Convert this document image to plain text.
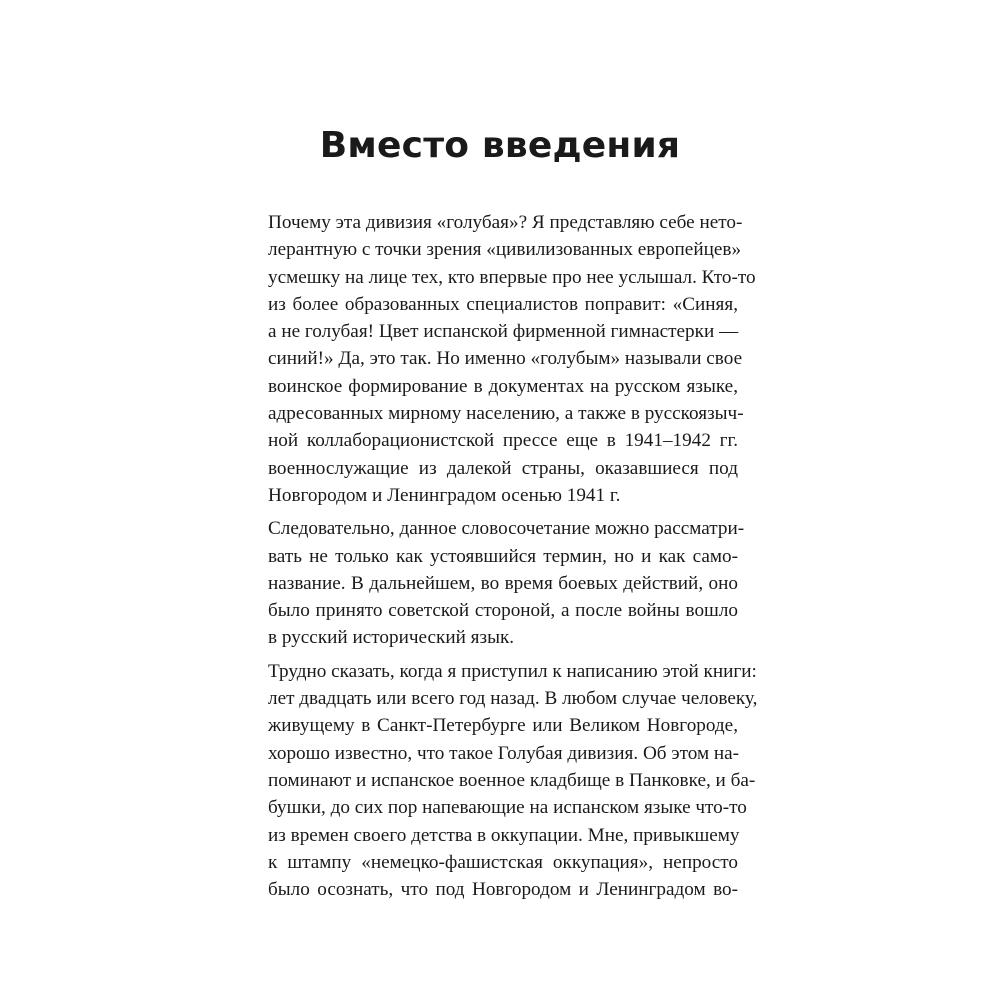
Вместо введения

Почему эта дивизия «голубая»? Я представляю себе нето-
лерантную с точки зрения «цивилизованных европейцев»
усмешку на лице тех, кто впервые про нее услышал. Кто-то
из более образованных специалистов поправит: «Синяя,
а не голубая! Цвет испанской фирменной гимнастерки —
синий!» Да, это так. Но именно «голубым» называли свое
воинское формирование в документах на русском языке,
адресованных мирному населению, а также в русскоязыч-
ной коллаборационистской прессе еще в 1941–1942 гг.
военнослужащие из далекой страны, оказавшиеся под
Новгородом и Ленинградом осенью 1941 г.

Следовательно, данное словосочетание можно рассматри-
вать не только как устоявшийся термин, но и как само-
название. В дальнейшем, во время боевых действий, оно
было принято советской стороной, а после войны вошло
в русский исторический язык.

Трудно сказать, когда я приступил к написанию этой книги:
лет двадцать или всего год назад. В любом случае человеку,
живущему в Санкт-Петербурге или Великом Новгороде,
хорошо известно, что такое Голубая дивизия. Об этом на-
поминают и испанское военное кладбище в Панковке, и ба-
бушки, до сих пор напевающие на испанском языке что-то
из времен своего детства в оккупации. Мне, привыкшему
к штампу «немецко-фашистская оккупация», непросто
было осознать, что под Новгородом и Ленинградом во-
